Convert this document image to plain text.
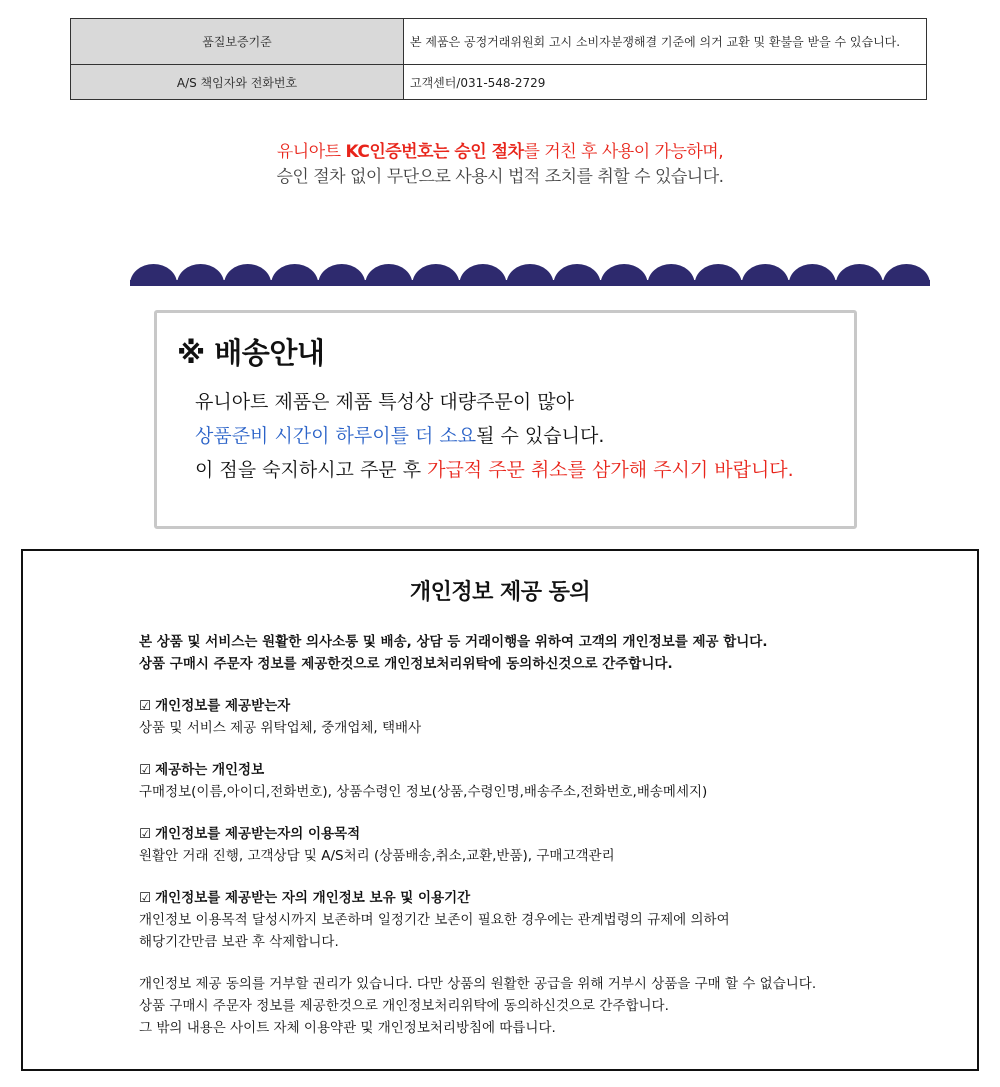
품질보증기준	본 제품은 공정거래위원회 고시 소비자분쟁해결 기준에 의거 교환 및 환불을 받을 수 있습니다.
A/S 책임자와 전화번호	고객센터/031-548-2729
유니아트 KC인증번호는 승인 절차를 거친 후 사용이 가능하며,
승인 절차 없이 무단으로 사용시 법적 조치를 취할 수 있습니다.
※ 배송안내
유니아트 제품은 제품 특성상 대량주문이 많아
상품준비 시간이 하루이틀 더 소요될 수 있습니다.
이 점을 숙지하시고 주문 후 가급적 주문 취소를 삼가해 주시기 바랍니다.
개인정보 제공 동의
본 상품 및 서비스는 원활한 의사소통 및 배송, 상담 등 거래이행을 위하여 고객의 개인정보를 제공 합니다.
상품 구매시 주문자 정보를 제공한것으로 개인정보처리위탁에 동의하신것으로 간주합니다.
☑ 개인정보를 제공받는자
상품 및 서비스 제공 위탁업체, 중개업체, 택배사
☑ 제공하는 개인정보
구매정보(이름,아이디,전화번호), 상품수령인 정보(상품,수령인명,배송주소,전화번호,배송메세지)
☑ 개인정보를 제공받는자의 이용목적
원활안 거래 진행, 고객상담 및 A/S처리 (상품배송,취소,교환,반품), 구매고객관리
☑ 개인정보를 제공받는 자의 개인정보 보유 및 이용기간
개인정보 이용목적 달성시까지 보존하며 일정기간 보존이 필요한 경우에는 관계법령의 규제에 의하여
해당기간만큼 보관 후 삭제합니다.
개인정보 제공 동의를 거부할 권리가 있습니다. 다만 상품의 원활한 공급을 위해 거부시 상품을 구매 할 수 없습니다.
상품 구매시 주문자 정보를 제공한것으로 개인정보처리위탁에 동의하신것으로 간주합니다.
그 밖의 내용은 사이트 자체 이용약관 및 개인정보처리방침에 따릅니다.
